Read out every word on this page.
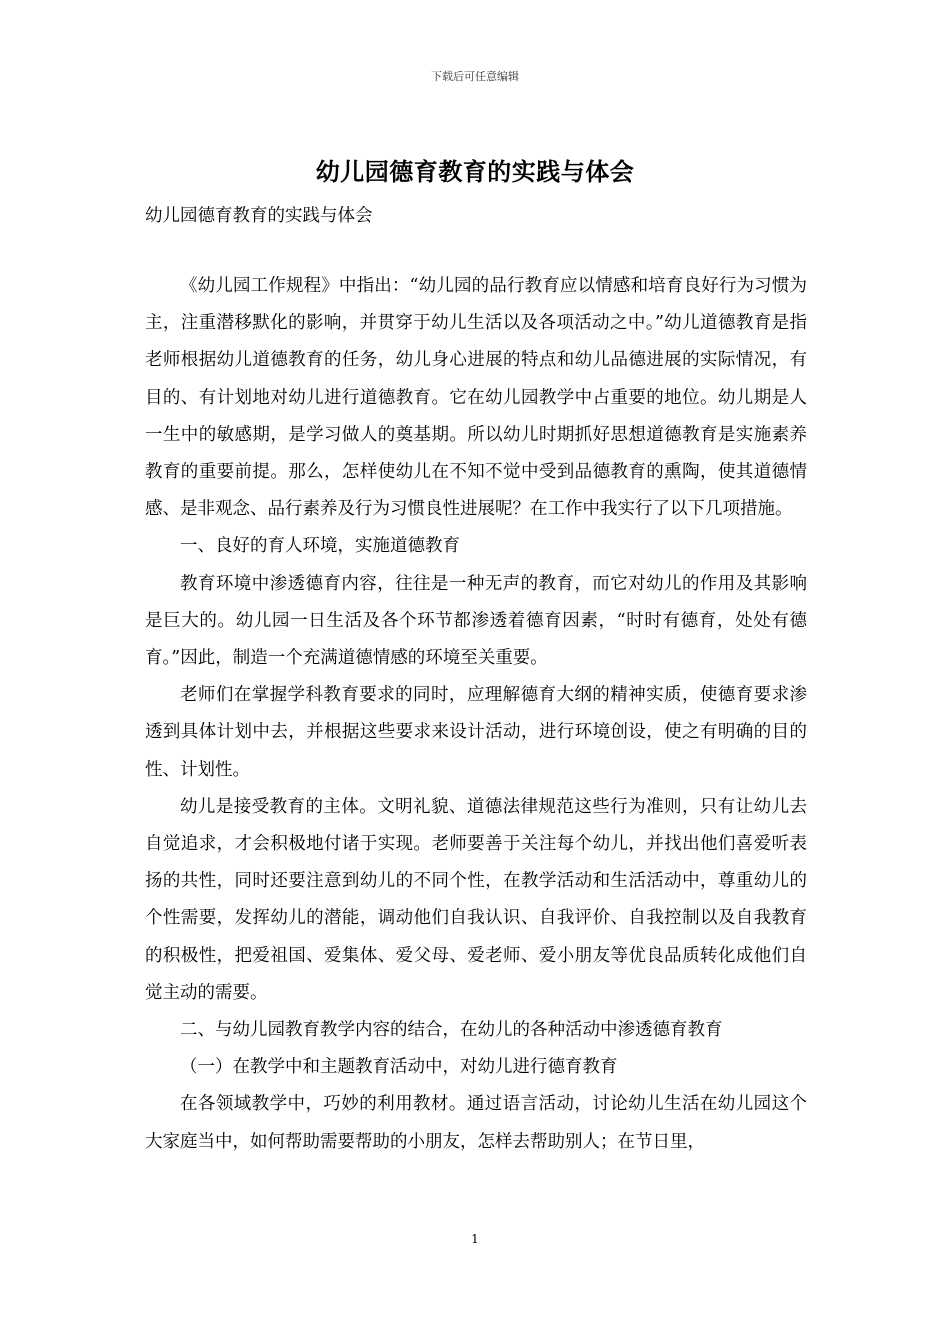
下载后可任意编辑
幼儿园德育教育的实践与体会
幼儿园德育教育的实践与体会

《幼儿园工作规程》中指出：“幼儿园的品行教育应以情感和培育良好行为习惯为主，注重潜移默化的影响，并贯穿于幼儿生活以及各项活动之中。”幼儿道德教育是指老师根据幼儿道德教育的任务，幼儿身心进展的特点和幼儿品德进展的实际情况，有目的、有计划地对幼儿进行道德教育。它在幼儿园教学中占重要的地位。幼儿期是人一生中的敏感期，是学习做人的奠基期。所以幼儿时期抓好思想道德教育是实施素养教育的重要前提。那么，怎样使幼儿在不知不觉中受到品德教育的熏陶，使其道德情感、是非观念、品行素养及行为习惯良性进展呢？在工作中我实行了以下几项措施。

一、良好的育人环境，实施道德教育

教育环境中渗透德育内容，往往是一种无声的教育，而它对幼儿的作用及其影响是巨大的。幼儿园一日生活及各个环节都渗透着德育因素，“时时有德育，处处有德育。”因此，制造一个充满道德情感的环境至关重要。

老师们在掌握学科教育要求的同时，应理解德育大纲的精神实质，使德育要求渗透到具体计划中去，并根据这些要求来设计活动，进行环境创设，使之有明确的目的性、计划性。

幼儿是接受教育的主体。文明礼貌、道德法律规范这些行为准则，只有让幼儿去自觉追求，才会积极地付诸于实现。老师要善于关注每个幼儿，并找出他们喜爱听表扬的共性，同时还要注意到幼儿的不同个性，在教学活动和生活活动中，尊重幼儿的个性需要，发挥幼儿的潜能，调动他们自我认识、自我评价、自我控制以及自我教育的积极性，把爱祖国、爱集体、爱父母、爱老师、爱小朋友等优良品质转化成他们自觉主动的需要。

二、与幼儿园教育教学内容的结合，在幼儿的各种活动中渗透德育教育

（一）在教学中和主题教育活动中，对幼儿进行德育教育

在各领域教学中，巧妙的利用教材。通过语言活动，讨论幼儿生活在幼儿园这个大家庭当中，如何帮助需要帮助的小朋友，怎样去帮助别人；在节日里，

1
